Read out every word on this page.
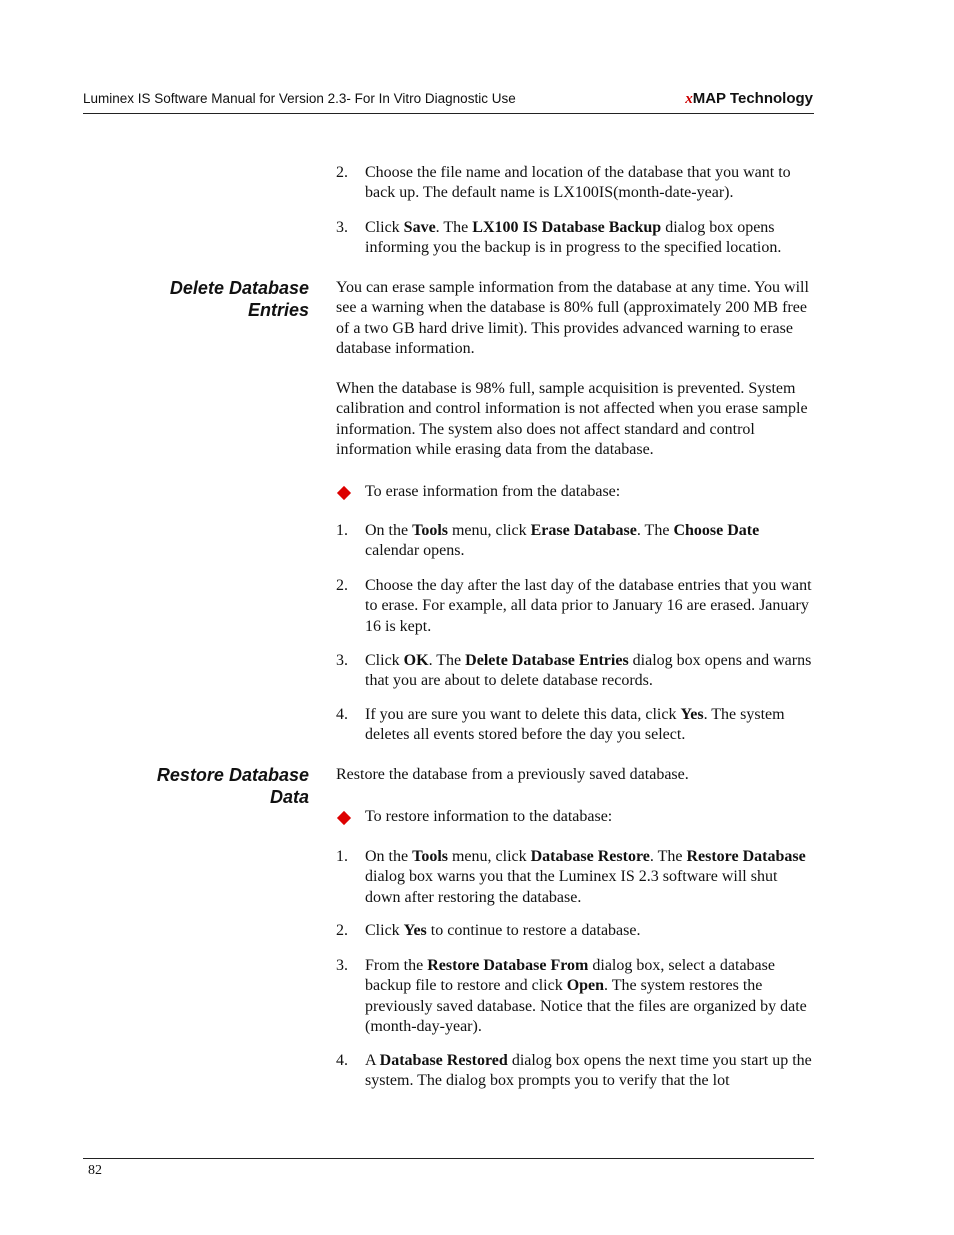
Luminex IS Software Manual for Version 2.3- For In Vitro Diagnostic Use	xMAP Technology
2. Choose the file name and location of the database that you want to back up. The default name is LX100IS(month-date-year).
3. Click Save. The LX100 IS Database Backup dialog box opens informing you the backup is in progress to the specified location.
Delete Database
Entries
You can erase sample information from the database at any time. You will see a warning when the database is 80% full (approximately 200 MB free of a two GB hard drive limit). This provides advanced warning to erase database information.
When the database is 98% full, sample acquisition is prevented. System calibration and control information is not affected when you erase sample information. The system also does not affect standard and control information while erasing data from the database.
To erase information from the database:
1. On the Tools menu, click Erase Database. The Choose Date calendar opens.
2. Choose the day after the last day of the database entries that you want to erase. For example, all data prior to January 16 are erased. January 16 is kept.
3. Click OK. The Delete Database Entries dialog box opens and warns that you are about to delete database records.
4. If you are sure you want to delete this data, click Yes. The system deletes all events stored before the day you select.
Restore Database
Data
Restore the database from a previously saved database.
To restore information to the database:
1. On the Tools menu, click Database Restore. The Restore Database dialog box warns you that the Luminex IS 2.3 software will shut down after restoring the database.
2. Click Yes to continue to restore a database.
3. From the Restore Database From dialog box, select a database backup file to restore and click Open. The system restores the previously saved database. Notice that the files are organized by date (month-day-year).
4. A Database Restored dialog box opens the next time you start up the system. The dialog box prompts you to verify that the lot
82
